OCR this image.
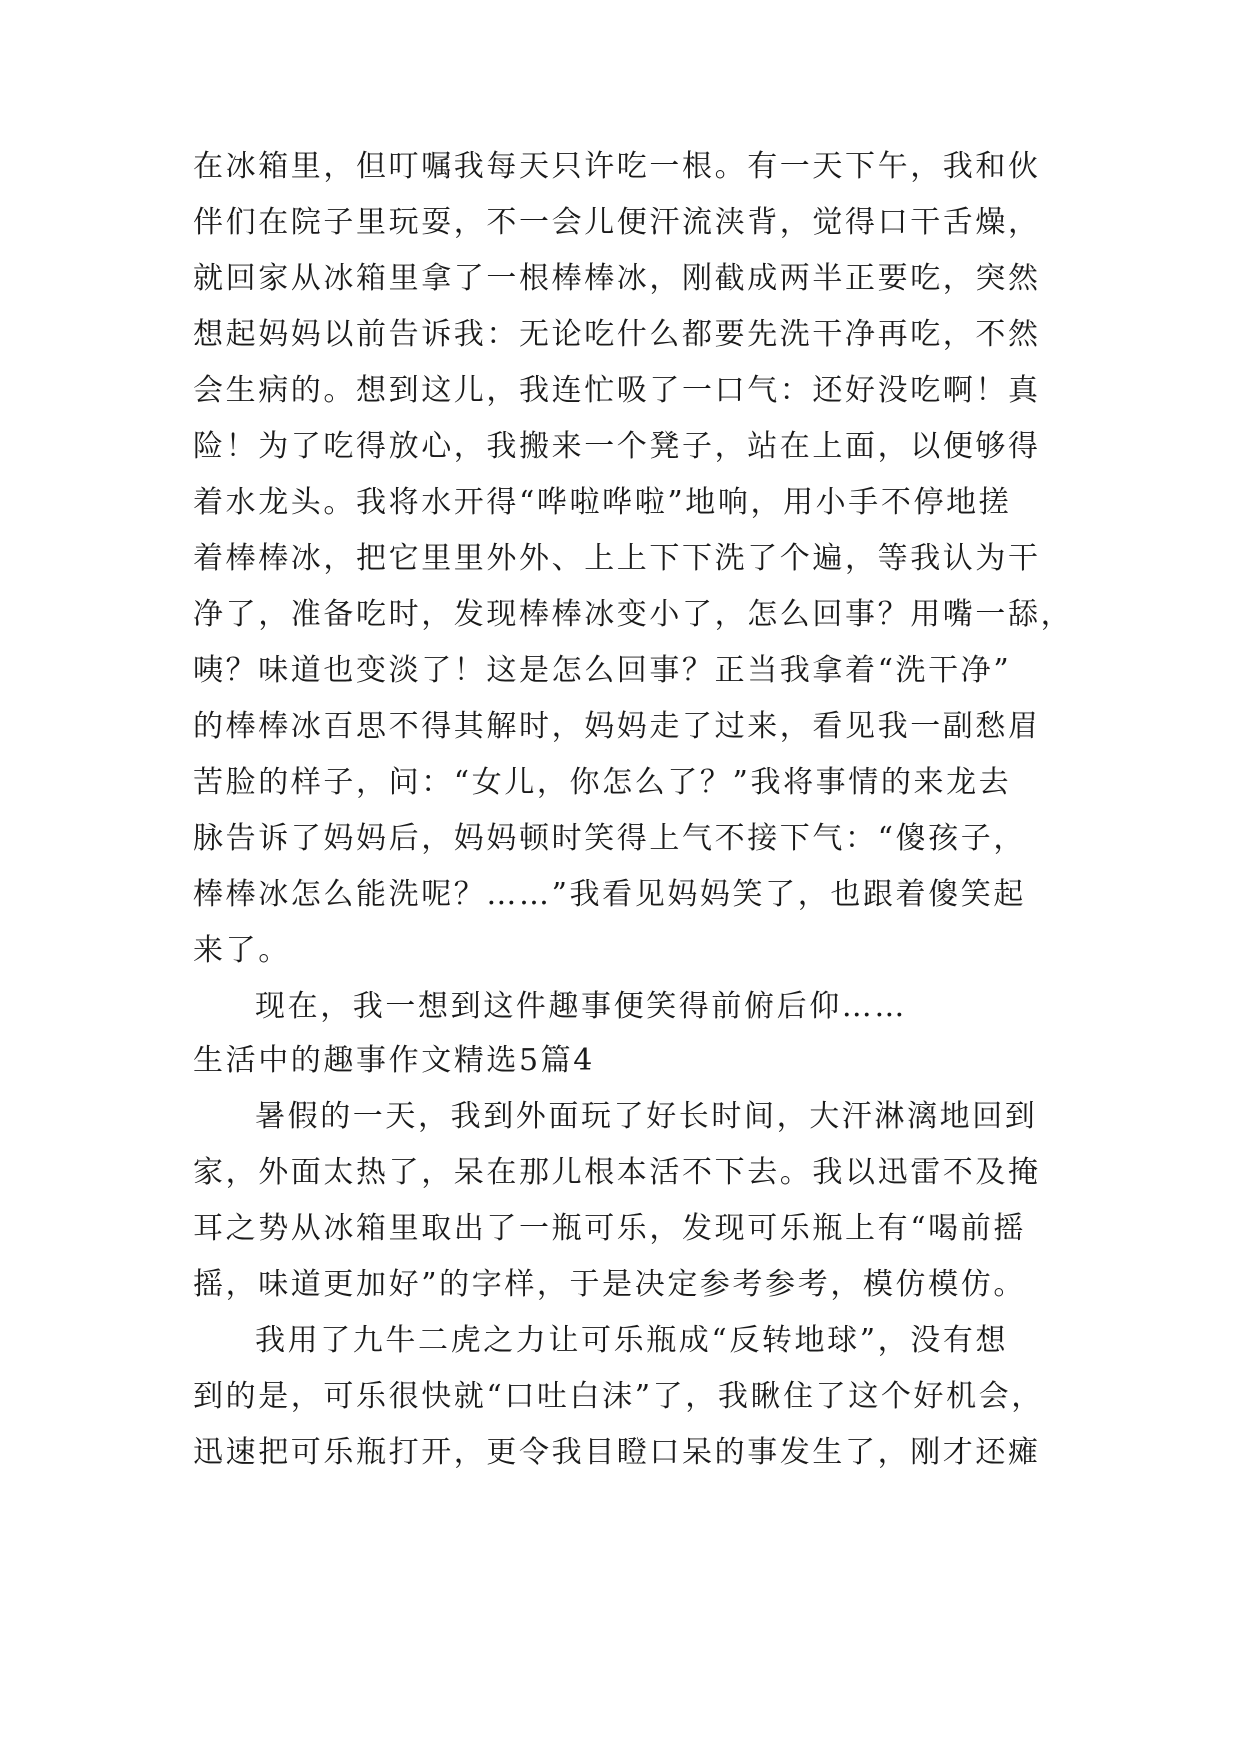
在冰箱里，但叮嘱我每天只许吃一根。有一天下午，我和伙
伴们在院子里玩耍，不一会儿便汗流浃背，觉得口干舌燥，
就回家从冰箱里拿了一根棒棒冰，刚截成两半正要吃，突然
想起妈妈以前告诉我：无论吃什么都要先洗干净再吃，不然
会生病的。想到这儿，我连忙吸了一口气：还好没吃啊！真
险！为了吃得放心，我搬来一个凳子，站在上面，以便够得
着水龙头。我将水开得“哗啦哗啦”地响，用小手不停地搓
着棒棒冰，把它里里外外、上上下下洗了个遍，等我认为干
净了，准备吃时，发现棒棒冰变小了，怎么回事？用嘴一舔，
咦？味道也变淡了！这是怎么回事？正当我拿着“洗干净”
的棒棒冰百思不得其解时，妈妈走了过来，看见我一副愁眉
苦脸的样子，问：“女儿，你怎么了？”我将事情的来龙去
脉告诉了妈妈后，妈妈顿时笑得上气不接下气：“傻孩子，
棒棒冰怎么能洗呢？……”我看见妈妈笑了，也跟着傻笑起
来了。
现在，我一想到这件趣事便笑得前俯后仰……
生活中的趣事作文精选5篇4
暑假的一天，我到外面玩了好长时间，大汗淋漓地回到
家，外面太热了，呆在那儿根本活不下去。我以迅雷不及掩
耳之势从冰箱里取出了一瓶可乐，发现可乐瓶上有“喝前摇
摇，味道更加好”的字样，于是决定参考参考，模仿模仿。
我用了九牛二虎之力让可乐瓶成“反转地球”，没有想
到的是，可乐很快就“口吐白沫”了，我瞅住了这个好机会，
迅速把可乐瓶打开，更令我目瞪口呆的事发生了，刚才还瘫
